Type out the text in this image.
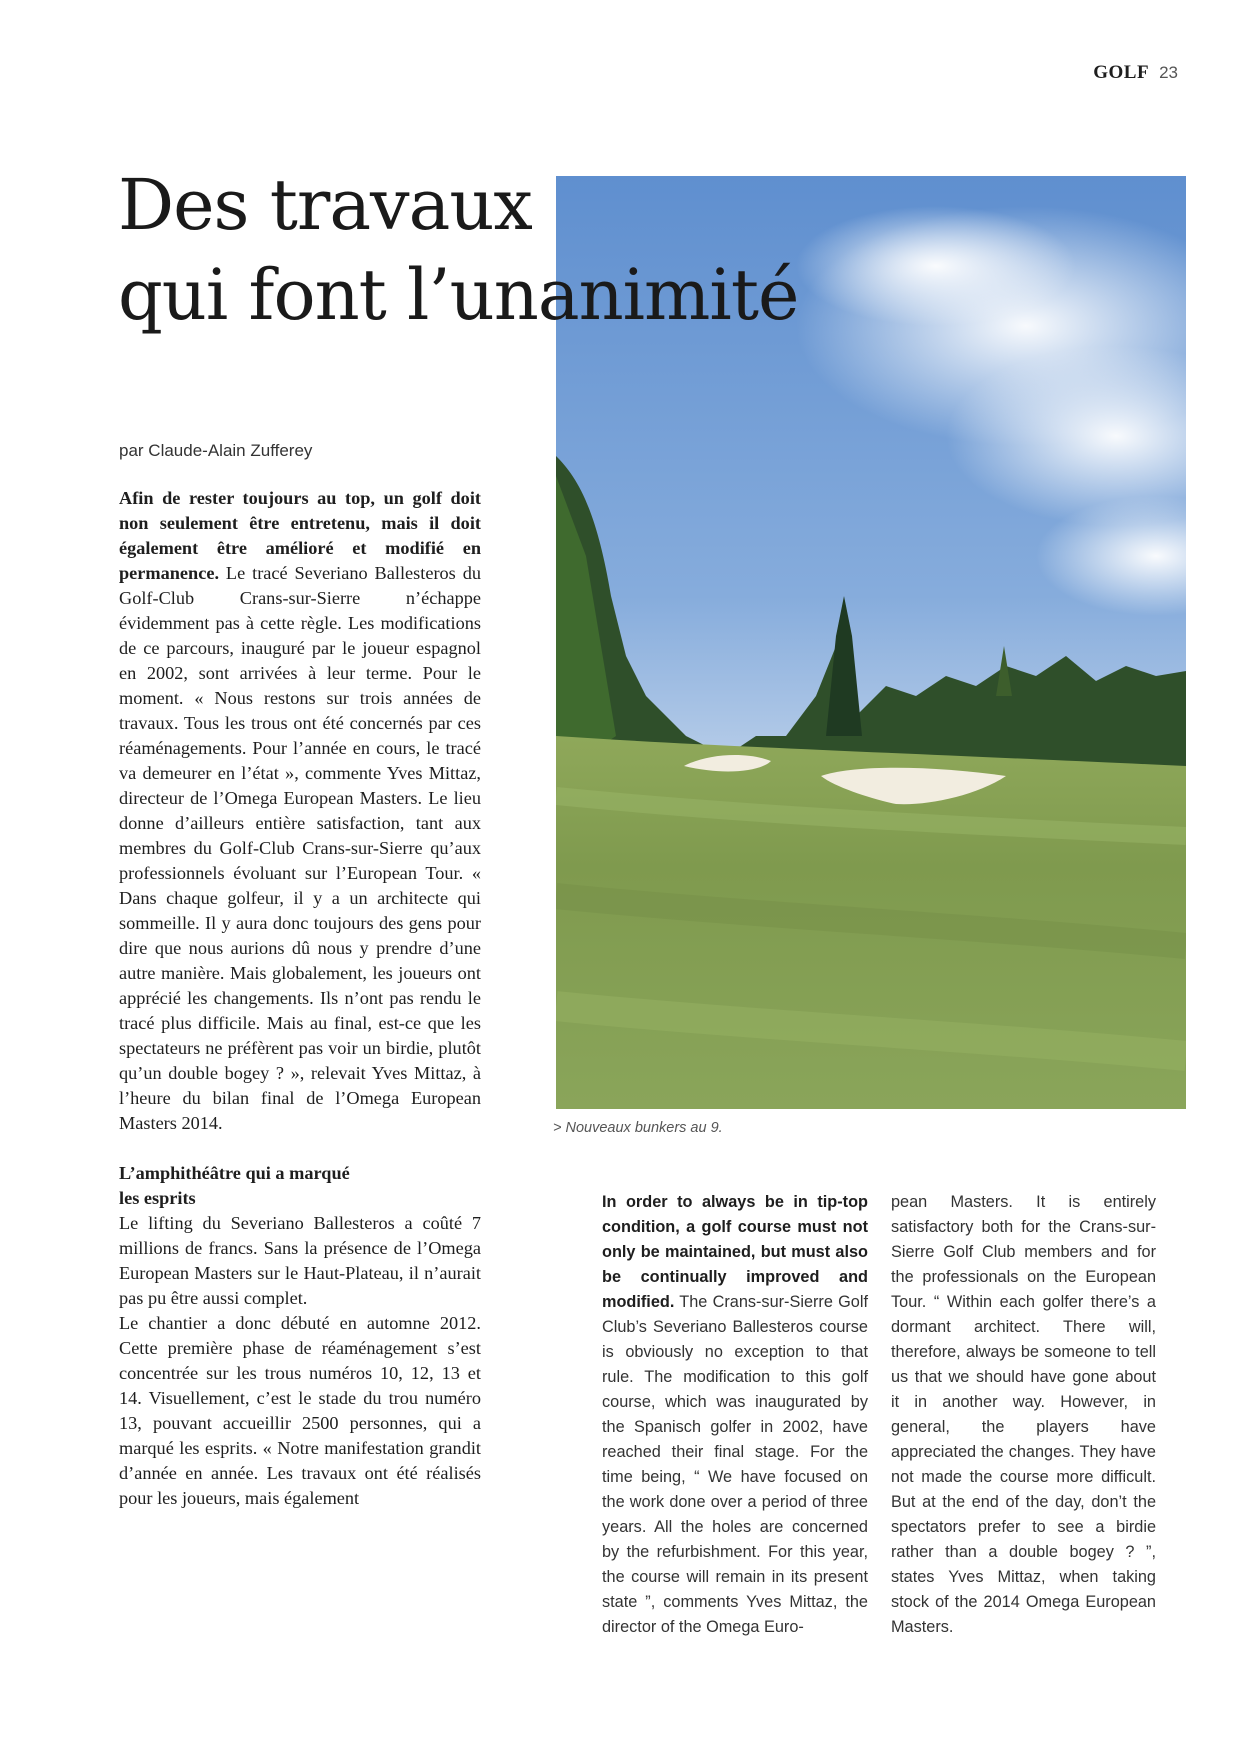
GOLF 23
Des travaux
qui font l’unanimité
par Claude-Alain Zufferey

Afin de rester toujours au top, un golf doit non seulement être entretenu, mais il doit également être amélioré et modifié en permanence. Le tracé Severiano Ballesteros du Golf-Club Crans-sur-Sierre n’échappe évidemment pas à cette règle. Les modifications de ce parcours, inauguré par le joueur espagnol en 2002, sont arrivées à leur terme. Pour le moment. « Nous restons sur trois années de travaux. Tous les trous ont été concernés par ces réaménagements. Pour l’année en cours, le tracé va demeurer en l’état », commente Yves Mittaz, directeur de l’Omega European Masters. Le lieu donne d’ailleurs entière satisfaction, tant aux membres du Golf-Club Crans-sur-Sierre qu’aux professionnels évoluant sur l’European Tour. « Dans chaque golfeur, il y a un architecte qui sommeille. Il y aura donc toujours des gens pour dire que nous aurions dû nous y prendre d’une autre manière. Mais globalement, les joueurs ont apprécié les changements. Ils n’ont pas rendu le tracé plus difficile. Mais au final, est-ce que les spectateurs ne préfèrent pas voir un birdie, plutôt qu’un double bogey ? », relevait Yves Mittaz, à l’heure du bilan final de l’Omega European Masters 2014.

L’amphithéâtre qui a marqué
les esprits

Le lifting du Severiano Ballesteros a coûté 7 millions de francs. Sans la présence de l’Omega European Masters sur le Haut-Plateau, il n’aurait pas pu être aussi complet.

Le chantier a donc débuté en automne 2012. Cette première phase de réaménagement s’est concentrée sur les trous numéros 10, 12, 13 et 14. Visuellement, c’est le stade du trou numéro 13, pouvant accueillir 2500 personnes, qui a marqué les esprits. « Notre manifestation grandit d’année en année. Les travaux ont été réalisés pour les joueurs, mais également

> Nouveaux bunkers au 9.

In order to always be in tip-top condition, a golf course must not only be maintained, but must also be continually improved and modified. The Crans-sur-Sierre Golf Club’s Severiano Ballesteros course is obviously no exception to that rule. The modification to this golf course, which was inaugurated by the Spanisch golfer in 2002, have reached their final stage. For the time being, “ We have focused on the work done over a period of three years. All the holes are concerned by the refurbishment. For this year, the course will remain in its present state ”, comments Yves Mittaz, the director of the Omega Euro-

pean Masters. It is entirely satisfactory both for the Crans-sur-Sierre Golf Club members and for the professionals on the European Tour. “ Within each golfer there’s a dormant architect. There will, therefore, always be someone to tell us that we should have gone about it in another way. However, in general, the players have appreciated the changes. They have not made the course more difficult. But at the end of the day, don’t the spectators prefer to see a birdie rather than a double bogey ? ”, states Yves Mittaz, when taking stock of the 2014 Omega European Masters.
